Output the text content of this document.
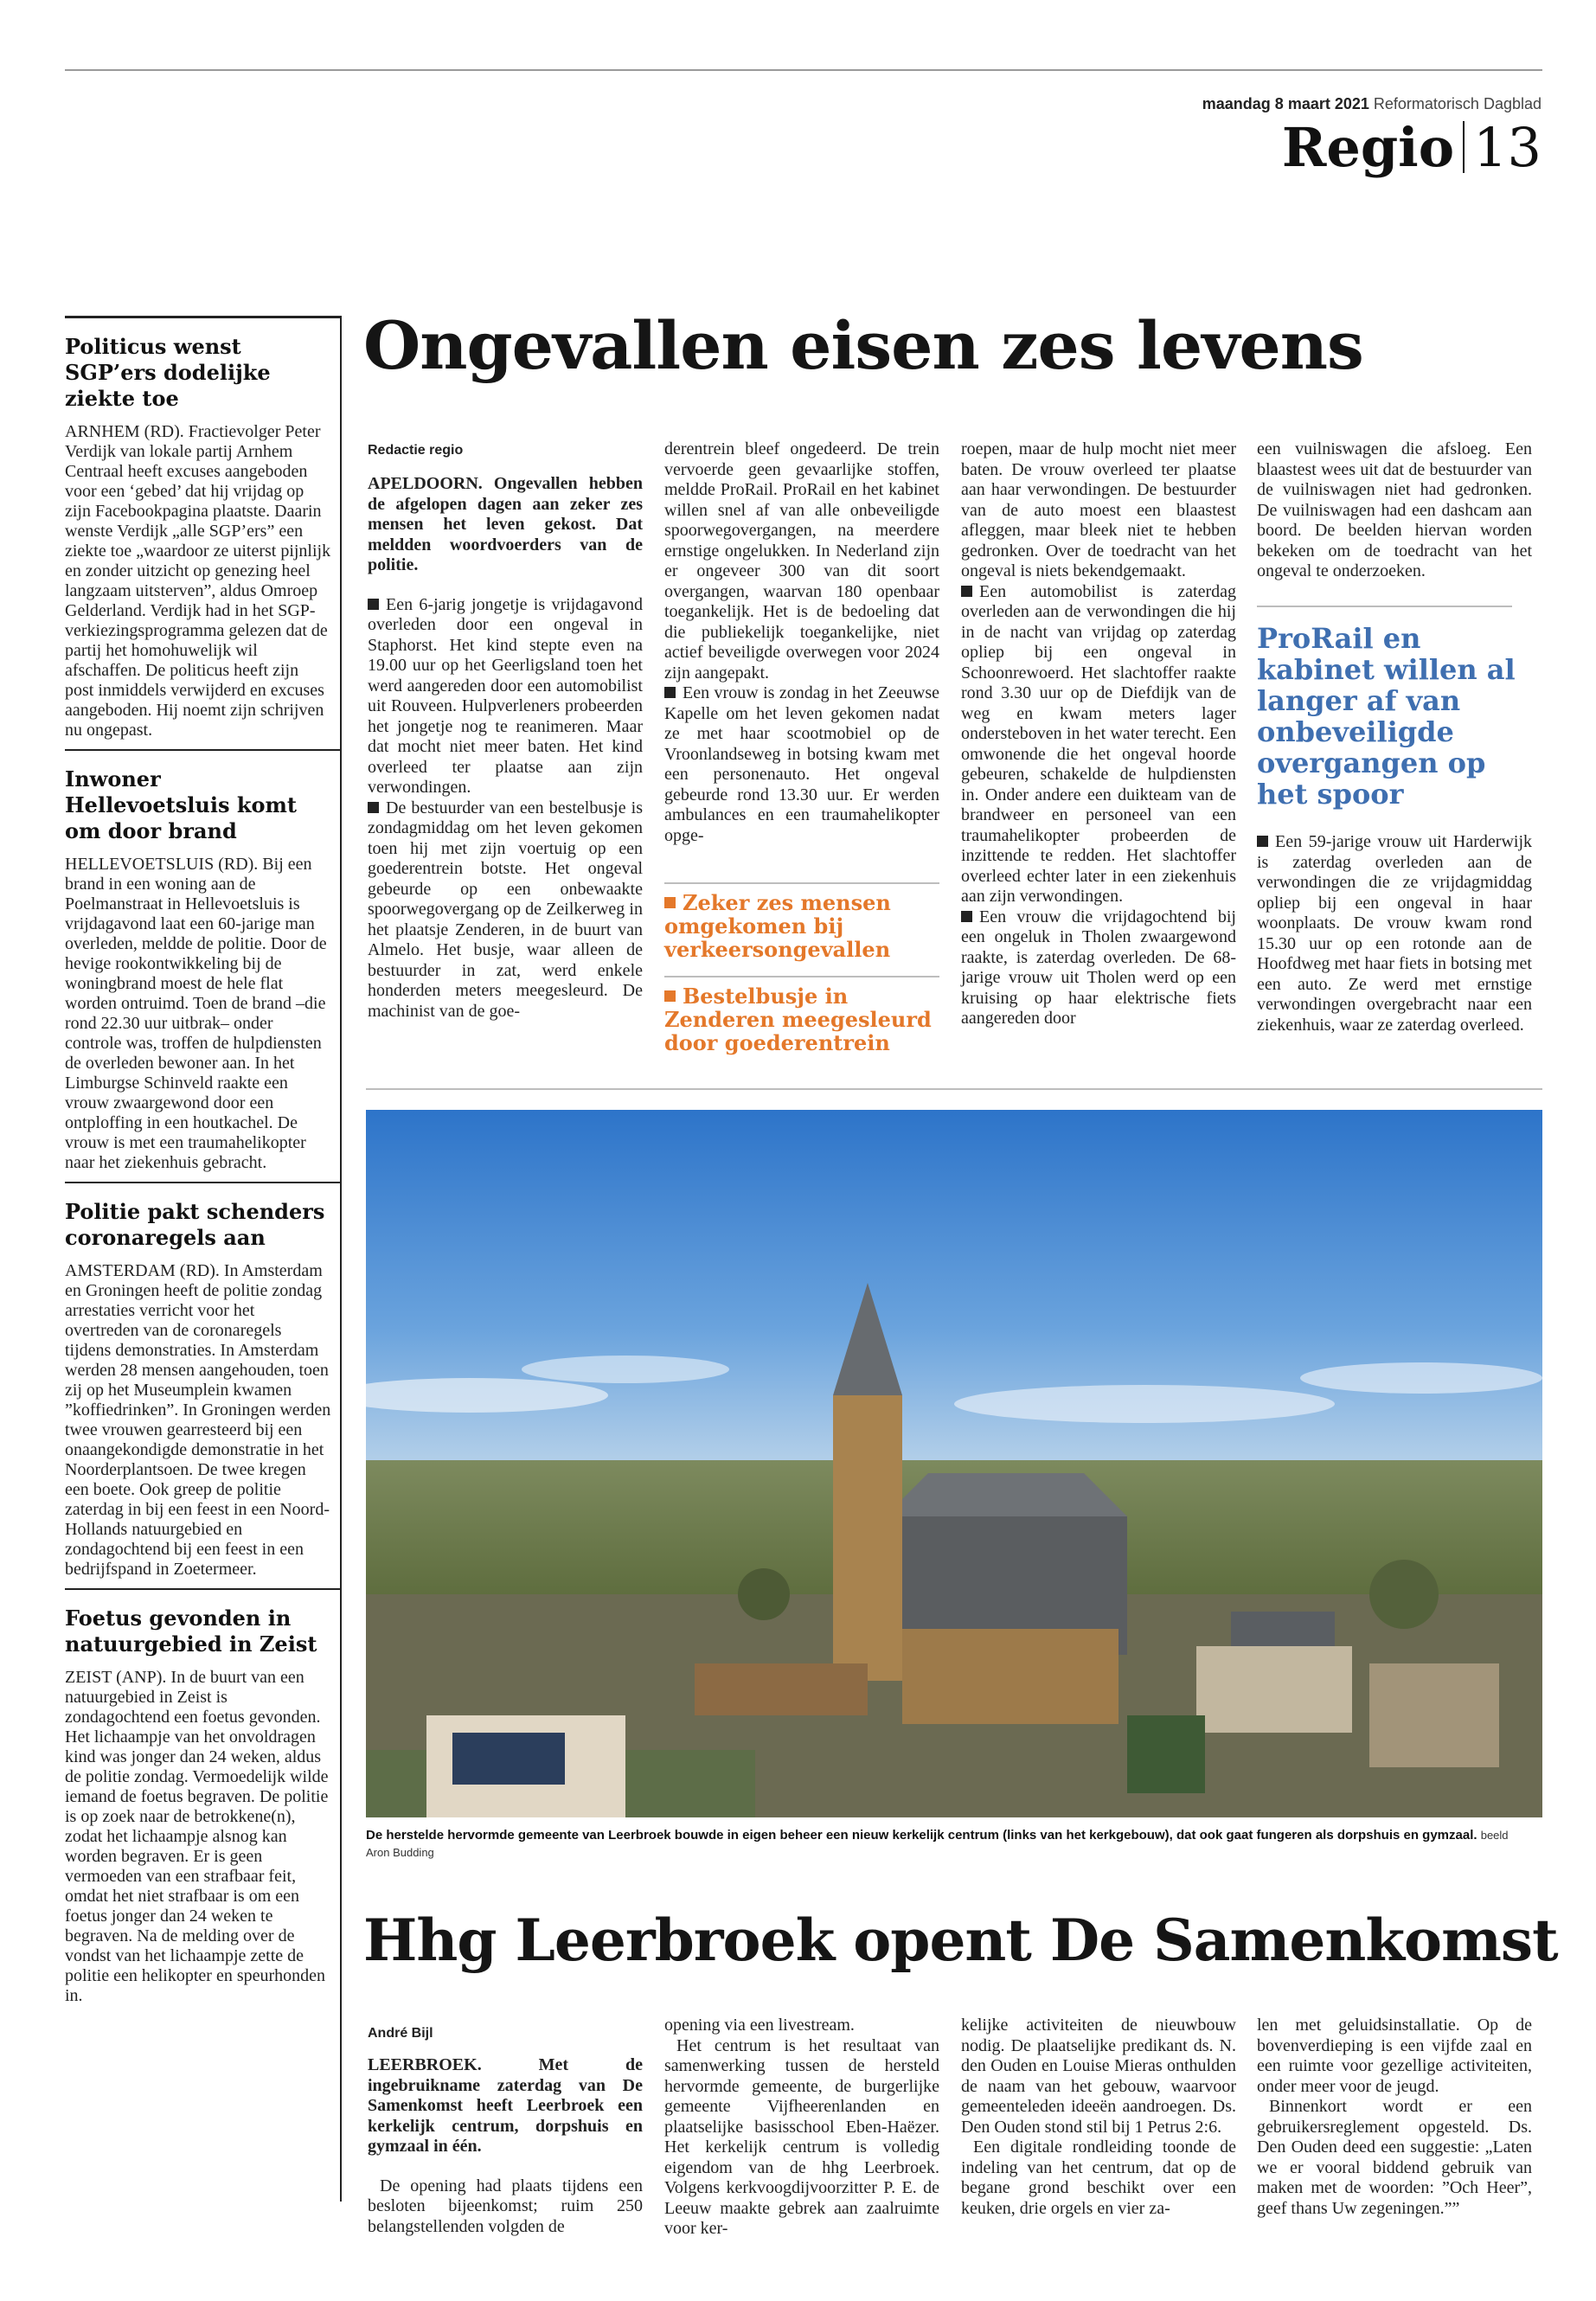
maandag 8 maart 2021 Reformatorisch Dagblad
Regio 13
Politicus wenst SGP’ers dodelijke ziekte toe

ARNHEM (RD). Fractievolger Peter Verdijk van lokale partij Arnhem Centraal heeft excuses aangeboden voor een ‘gebed’ dat hij vrijdag op zijn Facebookpagina plaatste. Daarin wenste Verdijk „alle SGP’ers” een ziekte toe „waardoor ze uiterst pijnlijk en zonder uitzicht op genezing heel langzaam uitsterven”, aldus Omroep Gelderland. Verdijk had in het SGP-verkiezingsprogramma gelezen dat de partij het homohuwelijk wil afschaffen. De politicus heeft zijn post inmiddels verwijderd en excuses aangeboden. Hij noemt zijn schrijven nu ongepast.

Inwoner Hellevoetsluis komt om door brand

HELLEVOETSLUIS (RD). Bij een brand in een woning aan de Poelmanstraat in Hellevoetsluis is vrijdagavond laat een 60-jarige man overleden, meldde de politie. Door de hevige rookontwikkeling bij de woningbrand moest de hele flat worden ontruimd. Toen de brand –die rond 22.30 uur uitbrak– onder controle was, troffen de hulpdiensten de overleden bewoner aan. In het Limburgse Schinveld raakte een vrouw zwaargewond door een ontploffing in een houtkachel. De vrouw is met een traumahelikopter naar het ziekenhuis gebracht.

Politie pakt schenders coronaregels aan

AMSTERDAM (RD). In Amsterdam en Groningen heeft de politie zondag arrestaties verricht voor het overtreden van de coronaregels tijdens demonstraties. In Amsterdam werden 28 mensen aangehouden, toen zij op het Museumplein kwamen ”koffiedrinken”. In Groningen werden twee vrouwen gearresteerd bij een onaangekondigde demonstratie in het Noorderplantsoen. De twee kregen een boete. Ook greep de politie zaterdag in bij een feest in een Noord-Hollands natuurgebied en zondagochtend bij een feest in een bedrijfspand in Zoetermeer.

Foetus gevonden in natuurgebied in Zeist

ZEIST (ANP). In de buurt van een natuurgebied in Zeist is zondagochtend een foetus gevonden. Het lichaampje van het onvoldragen kind was jonger dan 24 weken, aldus de politie zondag. Vermoedelijk wilde iemand de foetus begraven. De politie is op zoek naar de betrokkene(n), zodat het lichaampje alsnog kan worden begraven. Er is geen vermoeden van een strafbaar feit, omdat het niet strafbaar is om een foetus jonger dan 24 weken te begraven. Na de melding over de vondst van het lichaampje zette de politie een helikopter en speurhonden in.

Ongevallen eisen zes levens
Redactie regio

APELDOORN. Ongevallen hebben de afgelopen dagen aan zeker zes mensen het leven gekost. Dat meldden woordvoerders van de politie.

Een 6-jarig jongetje is vrijdagavond overleden door een ongeval in Staphorst. Het kind stepte even na 19.00 uur op het Geerligsland toen het werd aangereden door een automobilist uit Rouveen. Hulpverleners probeerden het jongetje nog te reanimeren. Maar dat mocht niet meer baten. Het kind overleed ter plaatse aan zijn verwondingen.

De bestuurder van een bestelbusje is zondagmiddag om het leven gekomen toen hij met zijn voertuig op een goederentrein botste. Het ongeval gebeurde op een onbewaakte spoorwegovergang op de Zeilkerweg in het plaatsje Zenderen, in de buurt van Almelo. Het busje, waar alleen de bestuurder in zat, werd enkele honderden meters meegesleurd. De machinist van de goe-

derentrein bleef ongedeerd. De trein vervoerde geen gevaarlijke stoffen, meldde ProRail. ProRail en het kabinet willen snel af van alle onbeveiligde spoorwegovergangen, na meerdere ernstige ongelukken. In Nederland zijn er ongeveer 300 van dit soort overgangen, waarvan 180 openbaar toegankelijk. Het is de bedoeling dat die publiekelijk toegankelijke, niet actief beveiligde overwegen voor 2024 zijn aangepakt.

Een vrouw is zondag in het Zeeuwse Kapelle om het leven gekomen nadat ze met haar scootmobiel op de Vroonlandseweg in botsing kwam met een personenauto. Het ongeval gebeurde rond 13.30 uur. Er werden ambulances en een traumahelikopter opge-

Zeker zes mensen omgekomen bij verkeersongevallen
Bestelbusje in Zenderen meegesleurd door goederentrein

roepen, maar de hulp mocht niet meer baten. De vrouw overleed ter plaatse aan haar verwondingen. De bestuurder van de auto moest een blaastest afleggen, maar bleek niet te hebben gedronken. Over de toedracht van het ongeval is niets bekendgemaakt.

Een automobilist is zaterdag overleden aan de verwondingen die hij in de nacht van vrijdag op zaterdag opliep bij een ongeval in Schoonrewoerd. Het slachtoffer raakte rond 3.30 uur op de Diefdijk van de weg en kwam meters lager ondersteboven in het water terecht. Een omwonende die het ongeval hoorde gebeuren, schakelde de hulpdiensten in. Onder andere een duikteam van de brandweer en personeel van een traumahelikopter probeerden de inzittende te redden. Het slachtoffer overleed echter later in een ziekenhuis aan zijn verwondingen.

Een vrouw die vrijdagochtend bij een ongeluk in Tholen zwaargewond raakte, is zaterdag overleden. De 68-jarige vrouw uit Tholen werd op een kruising op haar elektrische fiets aangereden door

een vuilniswagen die afsloeg. Een blaastest wees uit dat de bestuurder van de vuilniswagen niet had gedronken. De vuilniswagen had een dashcam aan boord. De beelden hiervan worden bekeken om de toedracht van het ongeval te onderzoeken.

ProRail en kabinet willen al langer af van onbeveiligde overgangen op het spoor

Een 59-jarige vrouw uit Harderwijk is zaterdag overleden aan de verwondingen die ze vrijdagmiddag opliep bij een ongeval in haar woonplaats. De vrouw kwam rond 15.30 uur op een rotonde aan de Hoofdweg met haar fiets in botsing met een auto. Ze werd met ernstige verwondingen overgebracht naar een ziekenhuis, waar ze zaterdag overleed.

De herstelde hervormde gemeente van Leerbroek bouwde in eigen beheer een nieuw kerkelijk centrum (links van het kerkgebouw), dat ook gaat fungeren als dorpshuis en gymzaal. beeld Aron Budding
Hhg Leerbroek opent De Samenkomst
André Bijl

LEERBROEK. Met de ingebruikname zaterdag van De Samenkomst heeft Leerbroek een kerkelijk centrum, dorpshuis en gymzaal in één.

De opening had plaats tijdens een besloten bijeenkomst; ruim 250 belangstellenden volgden de

opening via een livestream.

Het centrum is het resultaat van samenwerking tussen de hersteld hervormde gemeente, de burgerlijke gemeente Vijfheerenlanden en plaatselijke basisschool Eben-Haëzer. Het kerkelijk centrum is volledig eigendom van de hhg Leerbroek. Volgens kerkvoogdijvoorzitter P. E. de Leeuw maakte gebrek aan zaalruimte voor ker-

kelijke activiteiten de nieuwbouw nodig. De plaatselijke predikant ds. N. den Ouden en Louise Mieras onthulden de naam van het gebouw, waarvoor gemeenteleden ideeën aandroegen. Ds. Den Ouden stond stil bij 1 Petrus 2:6.

Een digitale rondleiding toonde de indeling van het centrum, dat op de begane grond beschikt over een keuken, drie orgels en vier za-

len met geluidsinstallatie. Op de bovenverdieping is een vijfde zaal en een ruimte voor gezellige activiteiten, onder meer voor de jeugd.

Binnenkort wordt er een gebruikersreglement opgesteld. Ds. Den Ouden deed een suggestie: „Laten we er vooral biddend gebruik van maken met de woorden: ”Och Heer”, geef thans Uw zegeningen.””
